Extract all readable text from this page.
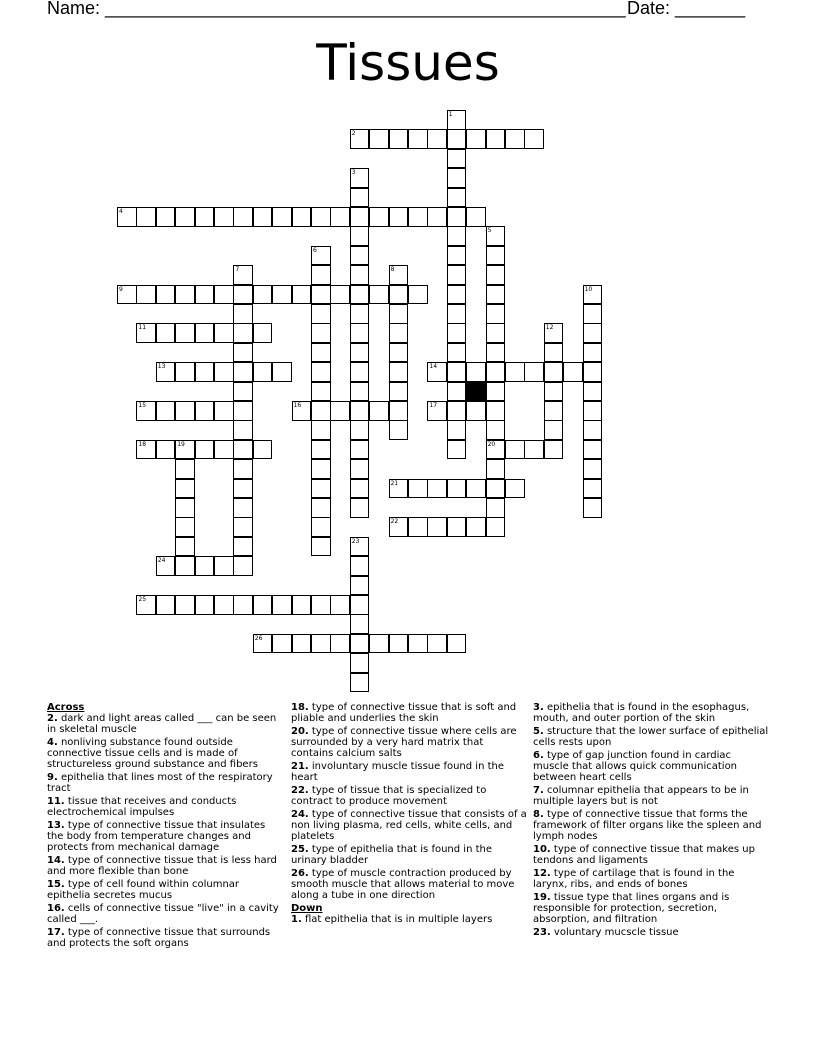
Name: ____________________________________________________ Date: _______
Tissues
1
2
3
4
5
20
6
7	8
9	10
11	12
13	14
15	16	17
18	19
21
22
23
24
25
26
Across
2. dark and light areas called ___ can be seen in skeletal muscle
4. nonliving substance found outside connective tissue cells and is made of structureless ground substance and fibers
9. epithelia that lines most of the respiratory tract
11. tissue that receives and conducts electrochemical impulses
13. type of connective tissue that insulates the body from temperature changes and protects from mechanical damage
14. type of connective tissue that is less hard and more flexible than bone
15. type of cell found within columnar epithelia secretes mucus
16. cells of connective tissue "live" in a cavity called ___.
17. type of connective tissue that surrounds and protects the soft organs
18. type of connective tissue that is soft and pliable and underlies the skin
20. type of connective tissue where cells are surrounded by a very hard matrix that contains calcium salts
21. involuntary muscle tissue found in the heart
22. type of tissue that is specialized to contract to produce movement
24. type of connective tissue that consists of a non living plasma, red cells, white cells, and platelets
25. type of epithelia that is found in the urinary bladder
26. type of muscle contraction produced by smooth muscle that allows material to move along a tube in one direction
Down
1. flat epithelia that is in multiple layers
3. epithelia that is found in the esophagus, mouth, and outer portion of the skin
5. structure that the lower surface of epithelial cells rests upon
6. type of gap junction found in cardiac muscle that allows quick communication between heart cells
7. columnar epithelia that appears to be in multiple layers but is not
8. type of connective tissue that forms the framework of filter organs like the spleen and lymph nodes
10. type of connective tissue that makes up tendons and ligaments
12. type of cartilage that is found in the larynx, ribs, and ends of bones
19. tissue type that lines organs and is responsible for protection, secretion, absorption, and filtration
23. voluntary mucscle tissue
